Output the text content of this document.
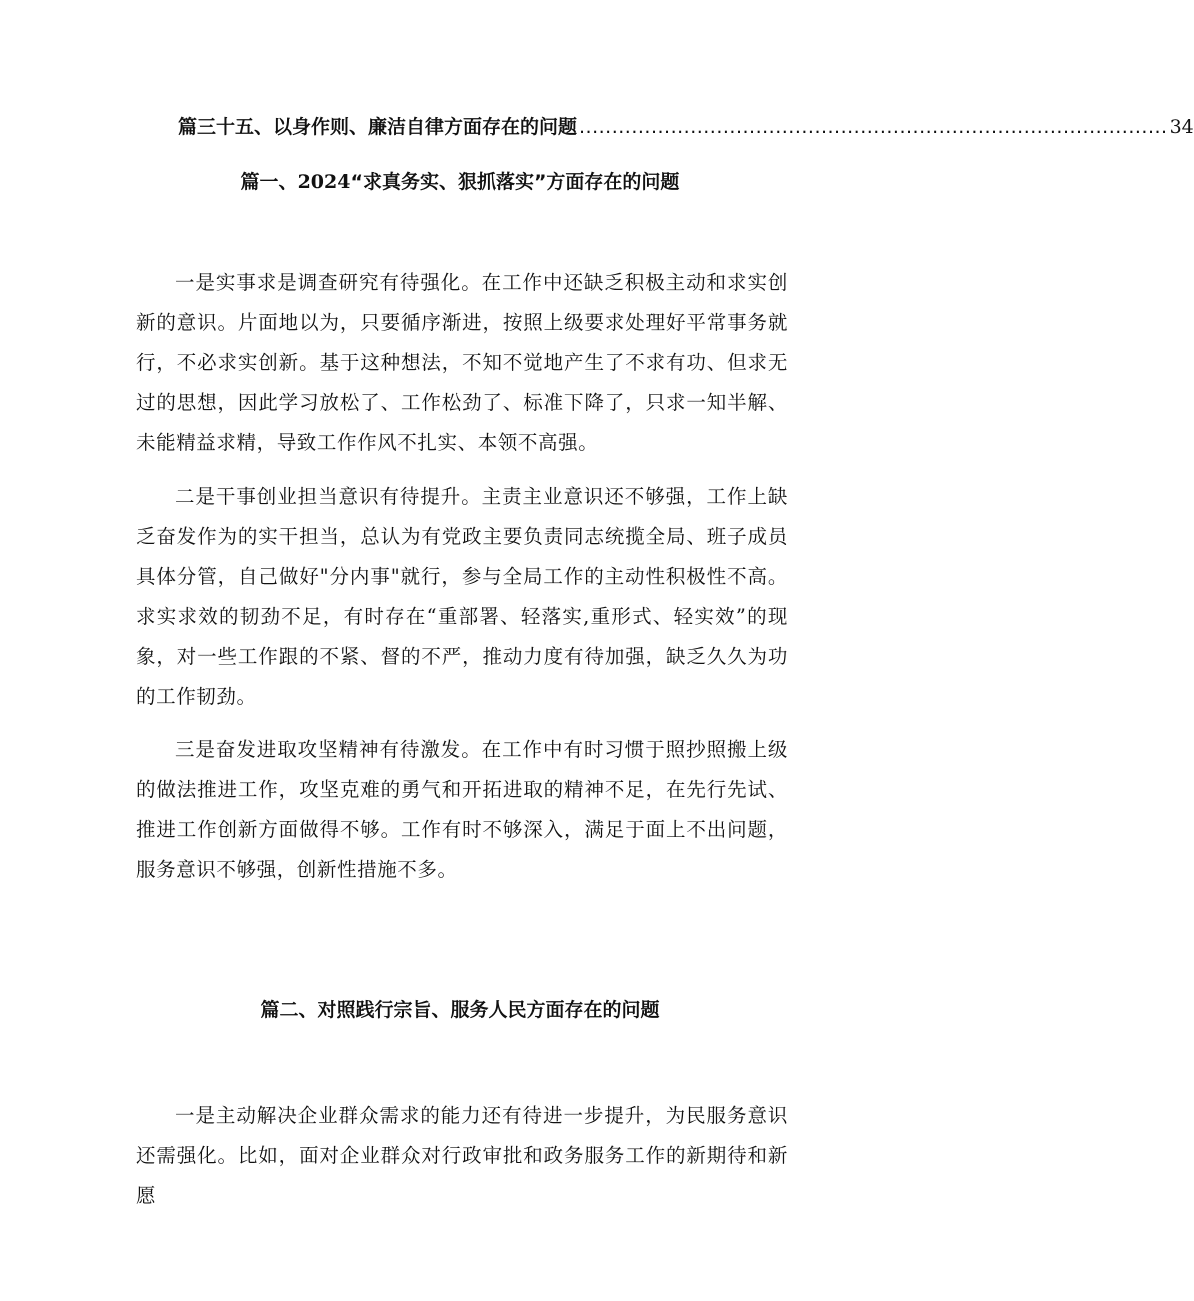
篇三十五、以身作则、廉洁自律方面存在的问题 .......................................................................................... 34
篇一、2024“求真务实、狠抓落实”方面存在的问题

一是实事求是调查研究有待强化。在工作中还缺乏积极主动和求实创新的意识。片面地以为，只要循序渐进，按照上级要求处理好平常事务就行，不必求实创新。基于这种想法，不知不觉地产生了不求有功、但求无过的思想，因此学习放松了、工作松劲了、标准下降了，只求一知半解、未能精益求精，导致工作作风不扎实、本领不高强。

二是干事创业担当意识有待提升。主责主业意识还不够强，工作上缺乏奋发作为的实干担当，总认为有党政主要负责同志统揽全局、班子成员具体分管，自己做好"分内事"就行，参与全局工作的主动性积极性不高。求实求效的韧劲不足，有时存在“重部署、轻落实,重形式、轻实效”的现象，对一些工作跟的不紧、督的不严，推动力度有待加强，缺乏久久为功的工作韧劲。

三是奋发进取攻坚精神有待激发。在工作中有时习惯于照抄照搬上级的做法推进工作，攻坚克难的勇气和开拓进取的精神不足，在先行先试、推进工作创新方面做得不够。工作有时不够深入，满足于面上不出问题，服务意识不够强，创新性措施不多。

篇二、对照践行宗旨、服务人民方面存在的问题

一是主动解决企业群众需求的能力还有待进一步提升，为民服务意识还需强化。比如，面对企业群众对行政审批和政务服务工作的新期待和新愿
